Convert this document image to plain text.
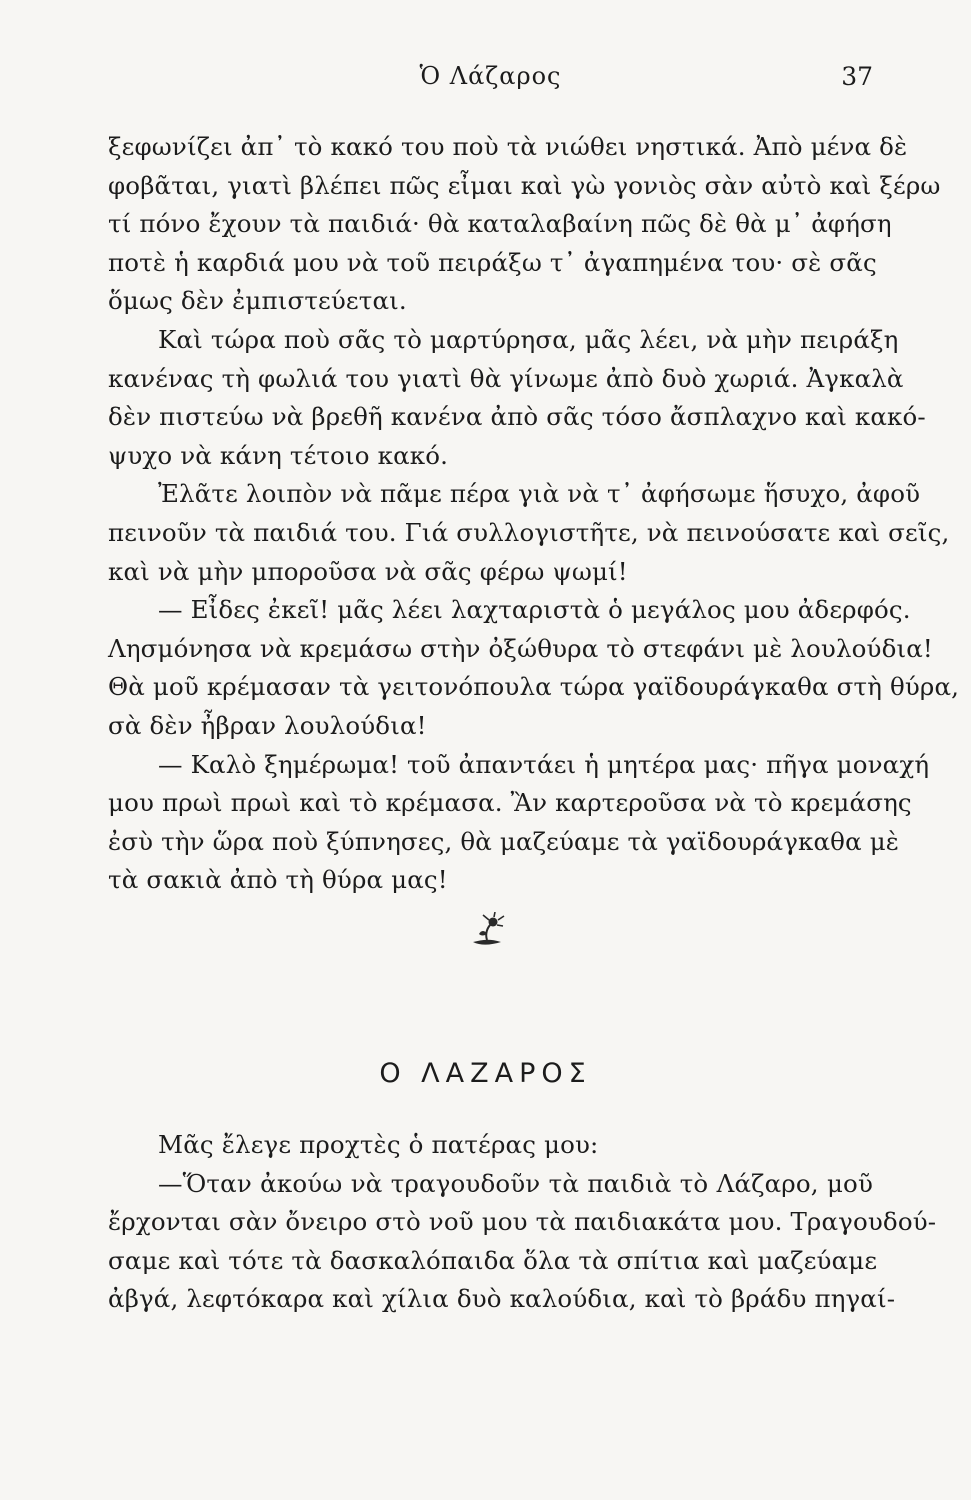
Ὁ Λάζαρος	37
ξεφωνίζει ἀπ᾽ τὸ κακό του ποὺ τὰ νιώθει νηστικά. Ἀπὸ μένα δὲ
φοβᾶται, γιατὶ βλέπει πῶς εἶμαι καὶ γὼ γονιὸς σὰν αὐτὸ καὶ ξέρω
τί πόνο ἔχουν τὰ παιδιά· θὰ καταλαβαίνη πῶς δὲ θὰ μ᾽ ἀφήση
ποτὲ ἡ καρδιά μου νὰ τοῦ πειράξω τ᾽ ἀγαπημένα του· σὲ σᾶς
ὅμως δὲν ἐμπιστεύεται.
Καὶ τώρα ποὺ σᾶς τὸ μαρτύρησα, μᾶς λέει, νὰ μὴν πειράξη
κανένας τὴ φωλιά του γιατὶ θὰ γίνωμε ἀπὸ δυὸ χωριά. Ἀγκαλὰ
δὲν πιστεύω νὰ βρεθῆ κανένα ἀπὸ σᾶς τόσο ἄσπλαχνο καὶ κακό-
ψυχο νὰ κάνη τέτοιο κακό.
Ἐλᾶτε λοιπὸν νὰ πᾶμε πέρα γιὰ νὰ τ᾽ ἀφήσωμε ἥσυχο, ἀφοῦ
πεινοῦν τὰ παιδιά του. Γιά συλλογιστῆτε, νὰ πεινούσατε καὶ σεῖς,
καὶ νὰ μὴν μποροῦσα νὰ σᾶς φέρω ψωμί!
— Εἶδες ἐκεῖ! μᾶς λέει λαχταριστὰ ὁ μεγάλος μου ἀδερφός.
Λησμόνησα νὰ κρεμάσω στὴν ὀξώθυρα τὸ στεφάνι μὲ λουλούδια!
Θὰ μοῦ κρέμασαν τὰ γειτονόπουλα τώρα γαϊδουράγκαθα στὴ θύρα,
σὰ δὲν ἦβραν λουλούδια!
— Καλὸ ξημέρωμα! τοῦ ἀπαντάει ἡ μητέρα μας· πῆγα μοναχή
μου πρωὶ πρωὶ καὶ τὸ κρέμασα. Ἂν καρτεροῦσα νὰ τὸ κρεμάσης
ἐσὺ τὴν ὥρα ποὺ ξύπνησες, θὰ μαζεύαμε τὰ γαϊδουράγκαθα μὲ
τὰ σακιὰ ἀπὸ τὴ θύρα μας!
Ο ΛΑΖΑΡΟΣ
Μᾶς ἔλεγε προχτὲς ὁ πατέρας μου:
—Ὅταν ἀκούω νὰ τραγουδοῦν τὰ παιδιὰ τὸ Λάζαρο, μοῦ
ἔρχονται σὰν ὄνειρο στὸ νοῦ μου τὰ παιδιακάτα μου. Τραγουδού-
σαμε καὶ τότε τὰ δασκαλόπαιδα ὅλα τὰ σπίτια καὶ μαζεύαμε
ἀβγά, λεφτόκαρα καὶ χίλια δυὸ καλούδια, καὶ τὸ βράδυ πηγαί-
